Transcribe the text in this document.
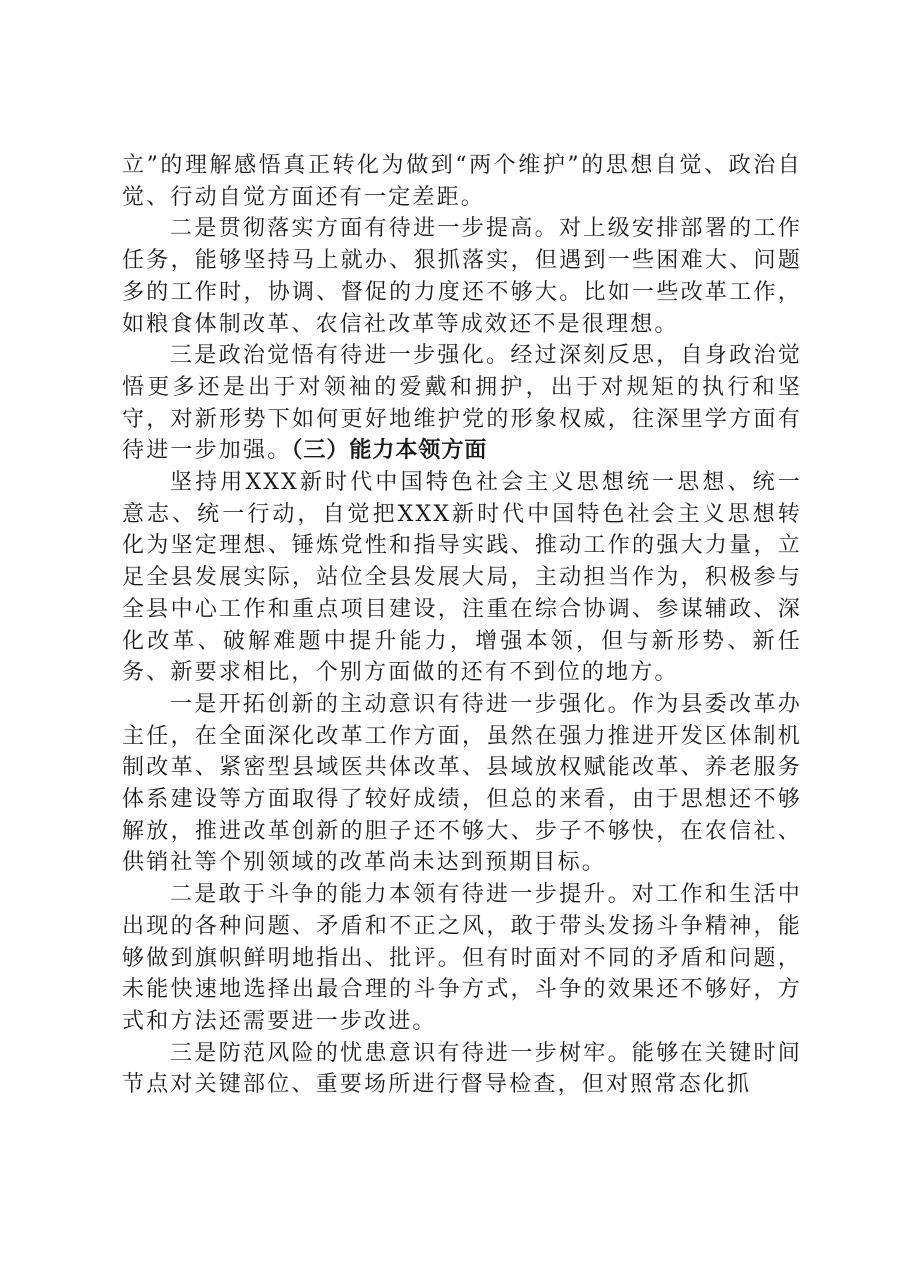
立”的理解感悟真正转化为做到“两个维护”的思想自觉、政治自觉、行动自觉方面还有一定差距。

二是贯彻落实方面有待进一步提高。对上级安排部署的工作任务，能够坚持马上就办、狠抓落实，但遇到一些困难大、问题多的工作时，协调、督促的力度还不够大。比如一些改革工作，如粮食体制改革、农信社改革等成效还不是很理想。

三是政治觉悟有待进一步强化。经过深刻反思，自身政治觉悟更多还是出于对领袖的爱戴和拥护，出于对规矩的执行和坚守，对新形势下如何更好地维护党的形象权威，往深里学方面有待进一步加强。（三）能力本领方面

坚持用XXX新时代中国特色社会主义思想统一思想、统一意志、统一行动，自觉把XXX新时代中国特色社会主义思想转化为坚定理想、锤炼党性和指导实践、推动工作的强大力量，立足全县发展实际，站位全县发展大局，主动担当作为，积极参与全县中心工作和重点项目建设，注重在综合协调、参谋辅政、深化改革、破解难题中提升能力，增强本领，但与新形势、新任务、新要求相比，个别方面做的还有不到位的地方。

一是开拓创新的主动意识有待进一步强化。作为县委改革办主任，在全面深化改革工作方面，虽然在强力推进开发区体制机制改革、紧密型县域医共体改革、县域放权赋能改革、养老服务体系建设等方面取得了较好成绩，但总的来看，由于思想还不够解放，推进改革创新的胆子还不够大、步子不够快，在农信社、供销社等个别领域的改革尚未达到预期目标。

二是敢于斗争的能力本领有待进一步提升。对工作和生活中出现的各种问题、矛盾和不正之风，敢于带头发扬斗争精神，能够做到旗帜鲜明地指出、批评。但有时面对不同的矛盾和问题，未能快速地选择出最合理的斗争方式，斗争的效果还不够好，方式和方法还需要进一步改进。

三是防范风险的忧患意识有待进一步树牢。能够在关键时间节点对关键部位、重要场所进行督导检查，但对照常态化抓
